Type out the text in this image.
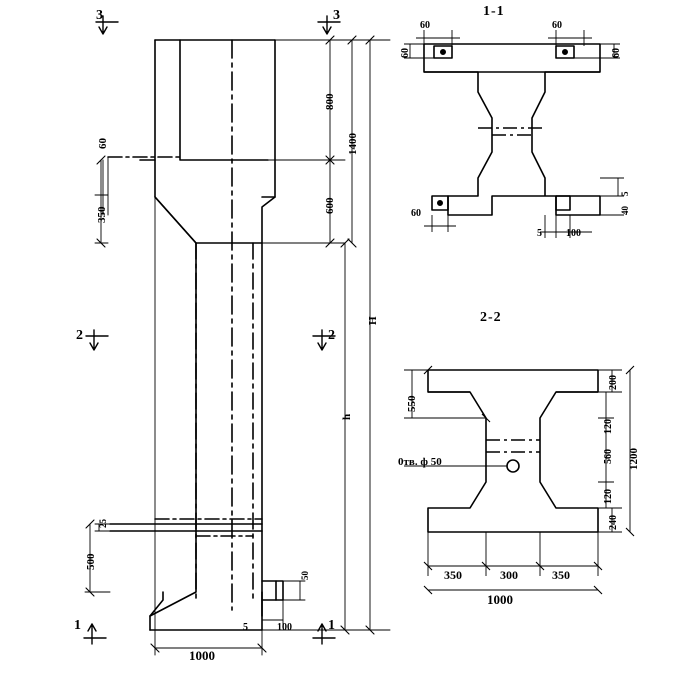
3	3
2	2
1	1
1-1
2-2
800
1400
600
350
60
H
h
25
500
50
5	100
1000
60	60
60	60
60
5 100
5
40
550
200
120
560
120
240
1200
350	300	350
1000
0тв. ф 50
